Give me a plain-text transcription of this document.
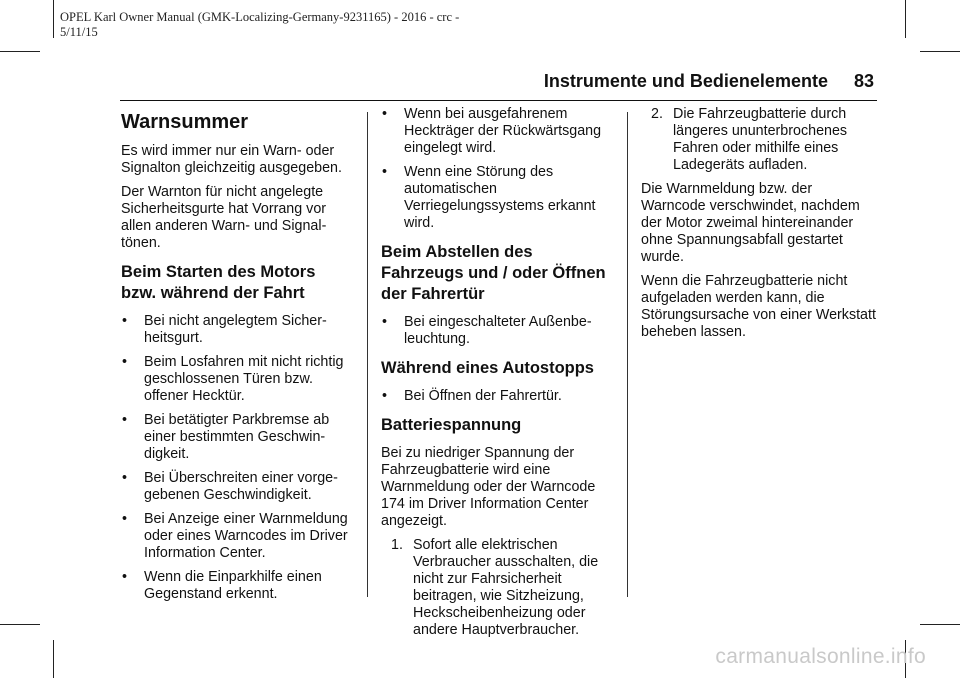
OPEL Karl Owner Manual (GMK-Localizing-Germany-9231165) - 2016 - crc -
5/11/15
Instrumente und Bedienelemente 83
Warnsummer

Es wird immer nur ein Warn- oder Signalton gleichzeitig ausgegeben.

Der Warnton für nicht angelegte Sicherheitsgurte hat Vorrang vor allen anderen Warn- und Signaltönen.

Beim Starten des Motors bzw. während der Fahrt
• Bei nicht angelegtem Sicherheitsgurt.
• Beim Losfahren mit nicht richtig geschlossenen Türen bzw. offener Hecktür.
• Bei betätigter Parkbremse ab einer bestimmten Geschwindigkeit.
• Bei Überschreiten einer vorgegebenen Geschwindigkeit.
• Bei Anzeige einer Warnmeldung oder eines Warncodes im Driver Information Center.
• Wenn die Einparkhilfe einen Gegenstand erkennt.
• Wenn bei ausgefahrenem Heckträger der Rückwärtsgang eingelegt wird.
• Wenn eine Störung des automatischen Verriegelungssystems erkannt wird.
Beim Abstellen des Fahrzeugs und / oder Öffnen der Fahrertür
• Bei eingeschalteter Außenbeleuchtung.
Während eines Autostopps
• Bei Öffnen der Fahrertür.
Batteriespannung

Bei zu niedriger Spannung der Fahrzeugbatterie wird eine Warnmeldung oder der Warncode 174 im Driver Information Center angezeigt.

1. Sofort alle elektrischen Verbraucher ausschalten, die nicht zur Fahrsicherheit beitragen, wie Sitzheizung, Heckscheibenheizung oder andere Hauptverbraucher.
2. Die Fahrzeugbatterie durch längeres ununterbrochenes Fahren oder mithilfe eines Ladegeräts aufladen.

Die Warnmeldung bzw. der Warncode verschwindet, nachdem der Motor zweimal hintereinander ohne Spannungsabfall gestartet wurde.

Wenn die Fahrzeugbatterie nicht aufgeladen werden kann, die Störungsursache von einer Werkstatt beheben lassen.

carmanualsonline.info
